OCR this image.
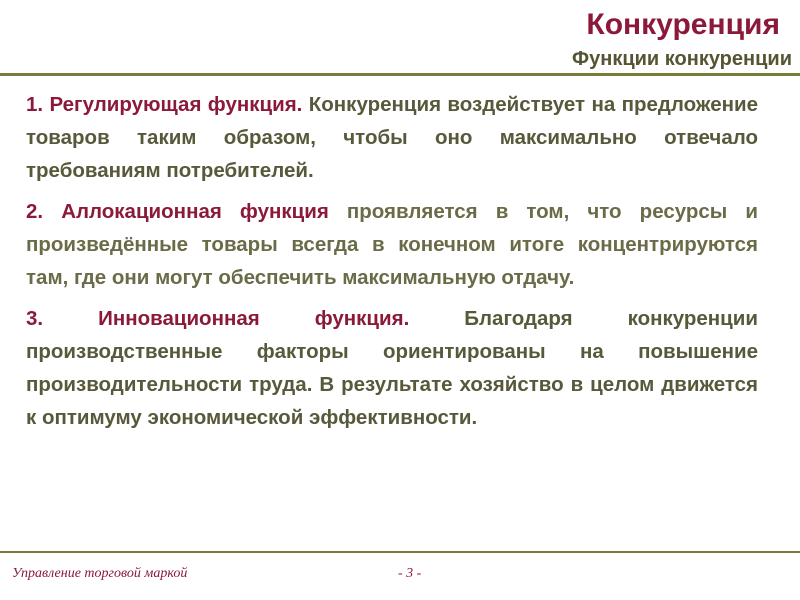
Конкуренция
Функции конкуренции

1. Регулирующая функция. Конкуренция воздействует на предложение товаров таким образом, чтобы оно максимально отвечало требованиям потребителей.

2. Аллокационная функция проявляется в том, что ресурсы и произведённые товары всегда в конечном итоге концентрируются там, где они могут обеспечить максимальную отдачу.

3. Инновационная функция. Благодаря конкуренции производственные факторы ориентированы на повышение производительности труда. В результате хозяйство в целом движется к оптимуму экономической эффективности.

Управление торговой маркой	- 3 -
